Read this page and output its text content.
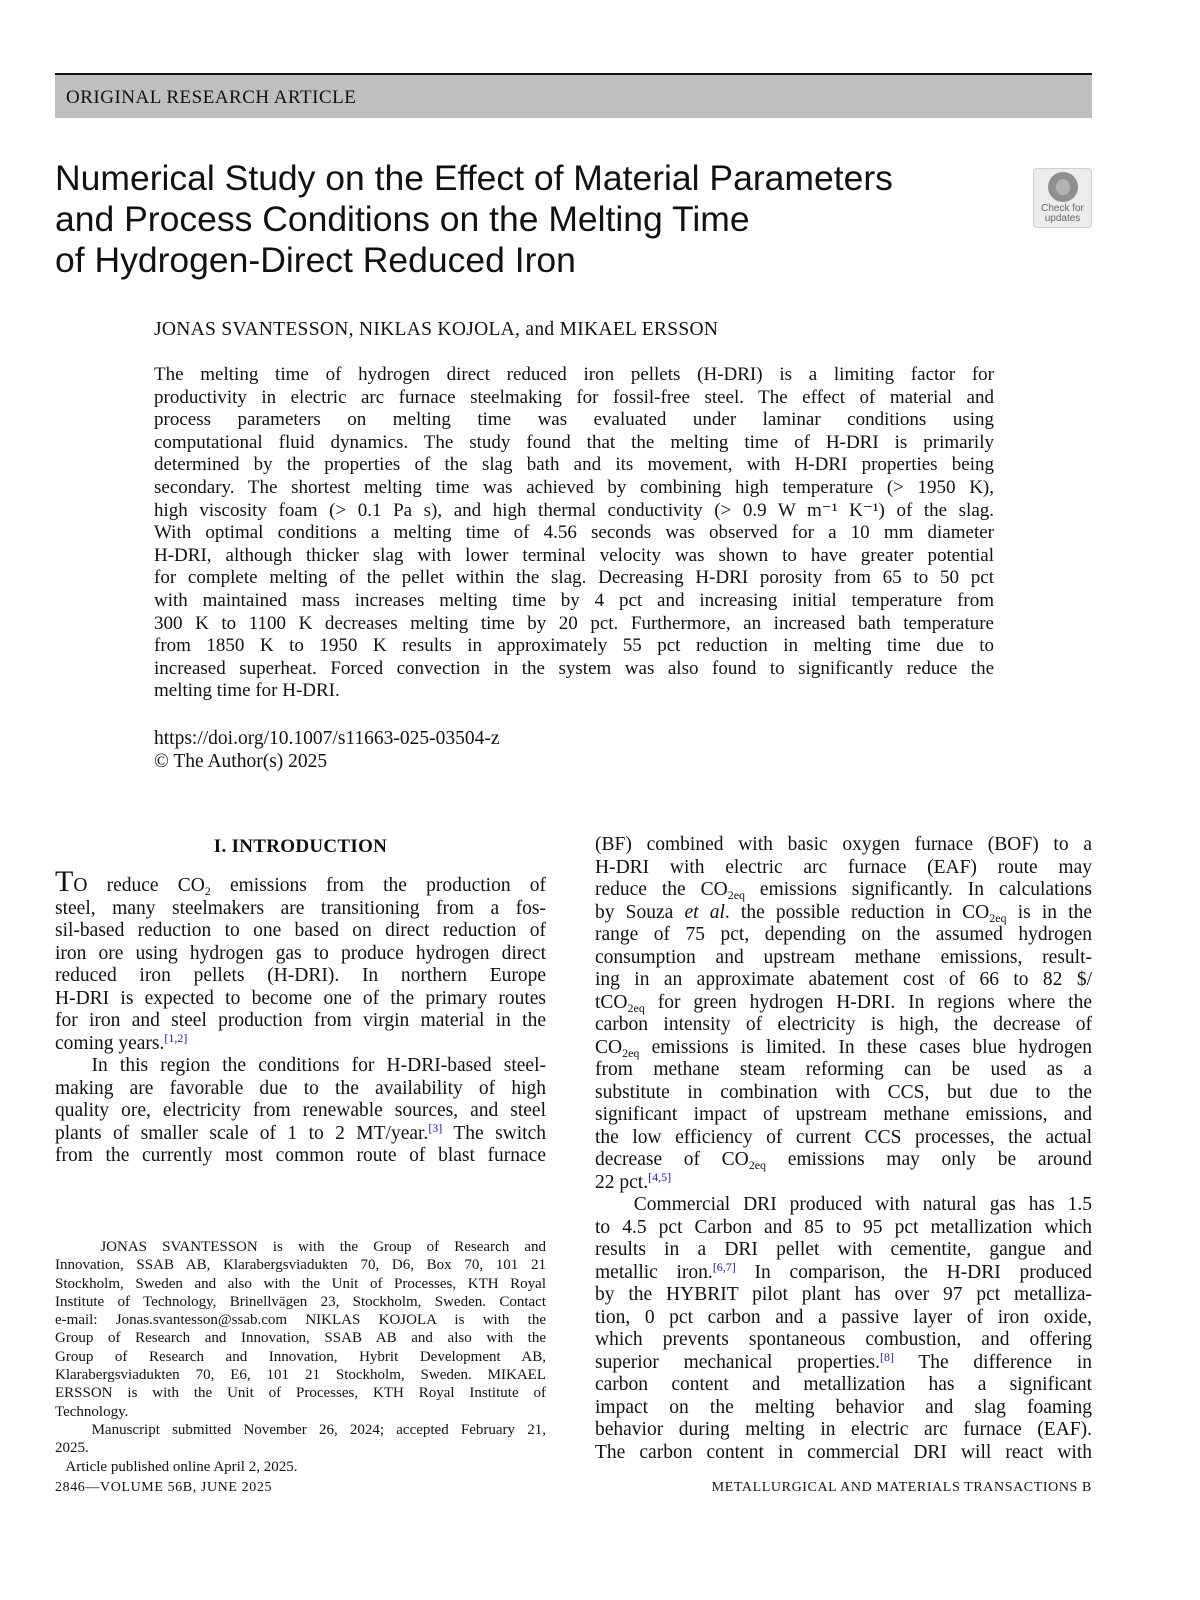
ORIGINAL RESEARCH ARTICLE
Numerical Study on the Effect of Material Parameters
and Process Conditions on the Melting Time
of Hydrogen-Direct Reduced Iron
Check for
updates
JONAS SVANTESSON, NIKLAS KOJOLA, and MIKAEL ERSSON
The melting time of hydrogen direct reduced iron pellets (H-DRI) is a limiting factor for
productivity in electric arc furnace steelmaking for fossil-free steel. The effect of material and
process parameters on melting time was evaluated under laminar conditions using
computational fluid dynamics. The study found that the melting time of H-DRI is primarily
determined by the properties of the slag bath and its movement, with H-DRI properties being
secondary. The shortest melting time was achieved by combining high temperature (> 1950 K),
high viscosity foam (> 0.1 Pa s), and high thermal conductivity (> 0.9 W m⁻¹ K⁻¹) of the slag.
With optimal conditions a melting time of 4.56 seconds was observed for a 10 mm diameter
H-DRI, although thicker slag with lower terminal velocity was shown to have greater potential
for complete melting of the pellet within the slag. Decreasing H-DRI porosity from 65 to 50 pct
with maintained mass increases melting time by 4 pct and increasing initial temperature from
300 K to 1100 K decreases melting time by 20 pct. Furthermore, an increased bath temperature
from 1850 K to 1950 K results in approximately 55 pct reduction in melting time due to
increased superheat. Forced convection in the system was also found to significantly reduce the
melting time for H-DRI.
https://doi.org/10.1007/s11663-025-03504-z
© The Author(s) 2025
I. INTRODUCTION
TO reduce $CO_2$ emissions from the production of
steel, many steelmakers are transitioning from a fos-
sil-based reduction to one based on direct reduction of
iron ore using hydrogen gas to produce hydrogen direct
reduced iron pellets (H-DRI). In northern Europe
H-DRI is expected to become one of the primary routes
for iron and steel production from virgin material in the
coming years.[1,2]
In this region the conditions for H-DRI-based steel-
making are favorable due to the availability of high
quality ore, electricity from renewable sources, and steel
plants of smaller scale of 1 to 2 MT/year.[3] The switch
from the currently most common route of blast furnace
(BF) combined with basic oxygen furnace (BOF) to a
H-DRI with electric arc furnace (EAF) route may
reduce the $CO_{2eq}$ emissions significantly. In calculations
by Souza et al. the possible reduction in $CO_{2eq}$ is in the
range of 75 pct, depending on the assumed hydrogen
consumption and upstream methane emissions, result-
ing in an approximate abatement cost of 66 to 82 $/
tCO$_{2eq}$ for green hydrogen H-DRI. In regions where the
carbon intensity of electricity is high, the decrease of
$CO_{2eq}$ emissions is limited. In these cases blue hydrogen
from methane steam reforming can be used as a
substitute in combination with CCS, but due to the
significant impact of upstream methane emissions, and
the low efficiency of current CCS processes, the actual
decrease of $CO_{2eq}$ emissions may only be around
22 pct.[4,5]
Commercial DRI produced with natural gas has 1.5
to 4.5 pct Carbon and 85 to 95 pct metallization which
results in a DRI pellet with cementite, gangue and
metallic iron.[6,7] In comparison, the H-DRI produced
by the HYBRIT pilot plant has over 97 pct metalliza-
tion, 0 pct carbon and a passive layer of iron oxide,
which prevents spontaneous combustion, and offering
superior mechanical properties.[8] The difference in
carbon content and metallization has a significant
impact on the melting behavior and slag foaming
behavior during melting in electric arc furnace (EAF).
The carbon content in commercial DRI will react with
JONAS SVANTESSON is with the Group of Research and
Innovation, SSAB AB, Klarabergsviadukten 70, D6, Box 70, 101 21
Stockholm, Sweden and also with the Unit of Processes, KTH Royal
Institute of Technology, Brinellvägen 23, Stockholm, Sweden. Contact
e-mail: Jonas.svantesson@ssab.com NIKLAS KOJOLA is with the
Group of Research and Innovation, SSAB AB and also with the
Group of Research and Innovation, Hybrit Development AB,
Klarabergsviadukten 70, E6, 101 21 Stockholm, Sweden. MIKAEL
ERSSON is with the Unit of Processes, KTH Royal Institute of
Technology.
Manuscript submitted November 26, 2024; accepted February 21,
2025.
Article published online April 2, 2025.
2846—VOLUME 56B, JUNE 2025	METALLURGICAL AND MATERIALS TRANSACTIONS B
